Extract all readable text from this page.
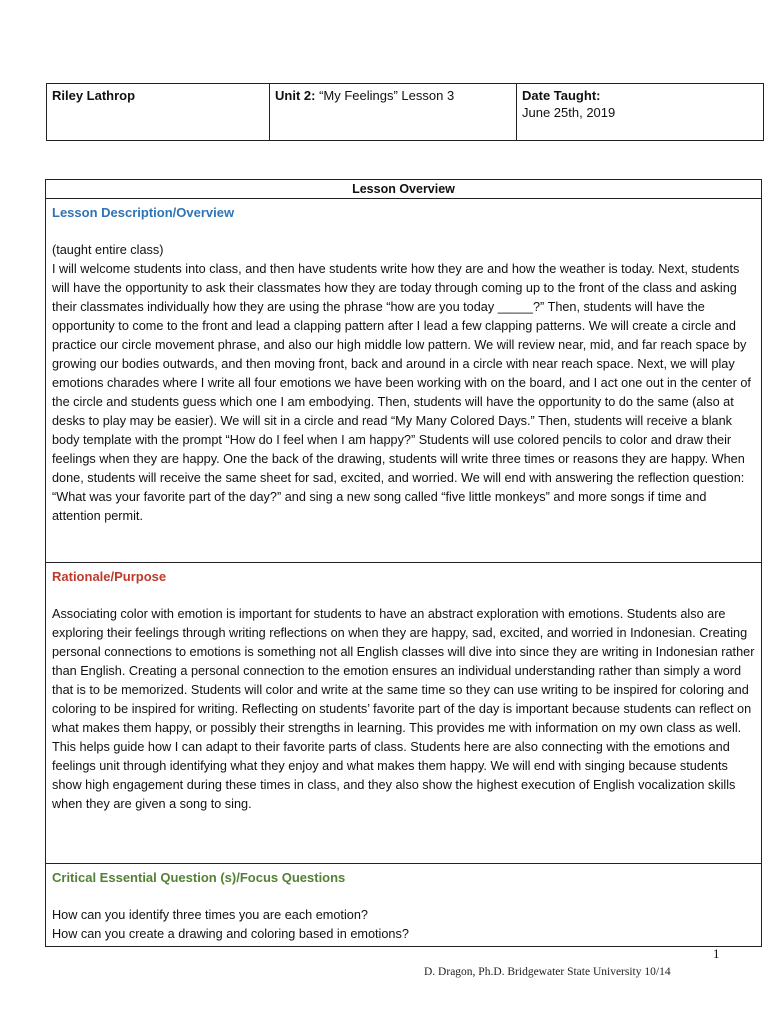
Riley Lathrop	Unit 2: “My Feelings” Lesson 3	Date Taught:
June 25th, 2019
Lesson Overview
Lesson Description/Overview

(taught entire class)

I will welcome students into class, and then have students write how they are and how the weather is today. Next, students will have the opportunity to ask their classmates how they are today through coming up to the front of the class and asking their classmates individually how they are using the phrase “how are you today _____?” Then, students will have the opportunity to come to the front and lead a clapping pattern after I lead a few clapping patterns. We will create a circle and practice our circle movement phrase, and also our high middle low pattern. We will review near, mid, and far reach space by growing our bodies outwards, and then moving front, back and around in a circle with near reach space. Next, we will play emotions charades where I write all four emotions we have been working with on the board, and I act one out in the center of the circle and students guess which one I am embodying. Then, students will have the opportunity to do the same (also at desks to play may be easier). We will sit in a circle and read “My Many Colored Days.” Then, students will receive a blank body template with the prompt “How do I feel when I am happy?” Students will use colored pencils to color and draw their feelings when they are happy. One the back of the drawing, students will write three times or reasons they are happy. When done, students will receive the same sheet for sad, excited, and worried. We will end with answering the reflection question: “What was your favorite part of the day?” and sing a new song called “five little monkeys” and more songs if time and attention permit.

Rationale/Purpose

Associating color with emotion is important for students to have an abstract exploration with emotions. Students also are exploring their feelings through writing reflections on when they are happy, sad, excited, and worried in Indonesian. Creating personal connections to emotions is something not all English classes will dive into since they are writing in Indonesian rather than English. Creating a personal connection to the emotion ensures an individual understanding rather than simply a word that is to be memorized. Students will color and write at the same time so they can use writing to be inspired for coloring and coloring to be inspired for writing. Reflecting on students’ favorite part of the day is important because students can reflect on what makes them happy, or possibly their strengths in learning. This provides me with information on my own class as well. This helps guide how I can adapt to their favorite parts of class. Students here are also connecting with the emotions and feelings unit through identifying what they enjoy and what makes them happy. We will end with singing because students show high engagement during these times in class, and they also show the highest execution of English vocalization skills when they are given a song to sing.

Critical Essential Question (s)/Focus Questions

How can you identify three times you are each emotion?

How can you create a drawing and coloring based in emotions?

1
D. Dragon, Ph.D. Bridgewater State University 10/14
